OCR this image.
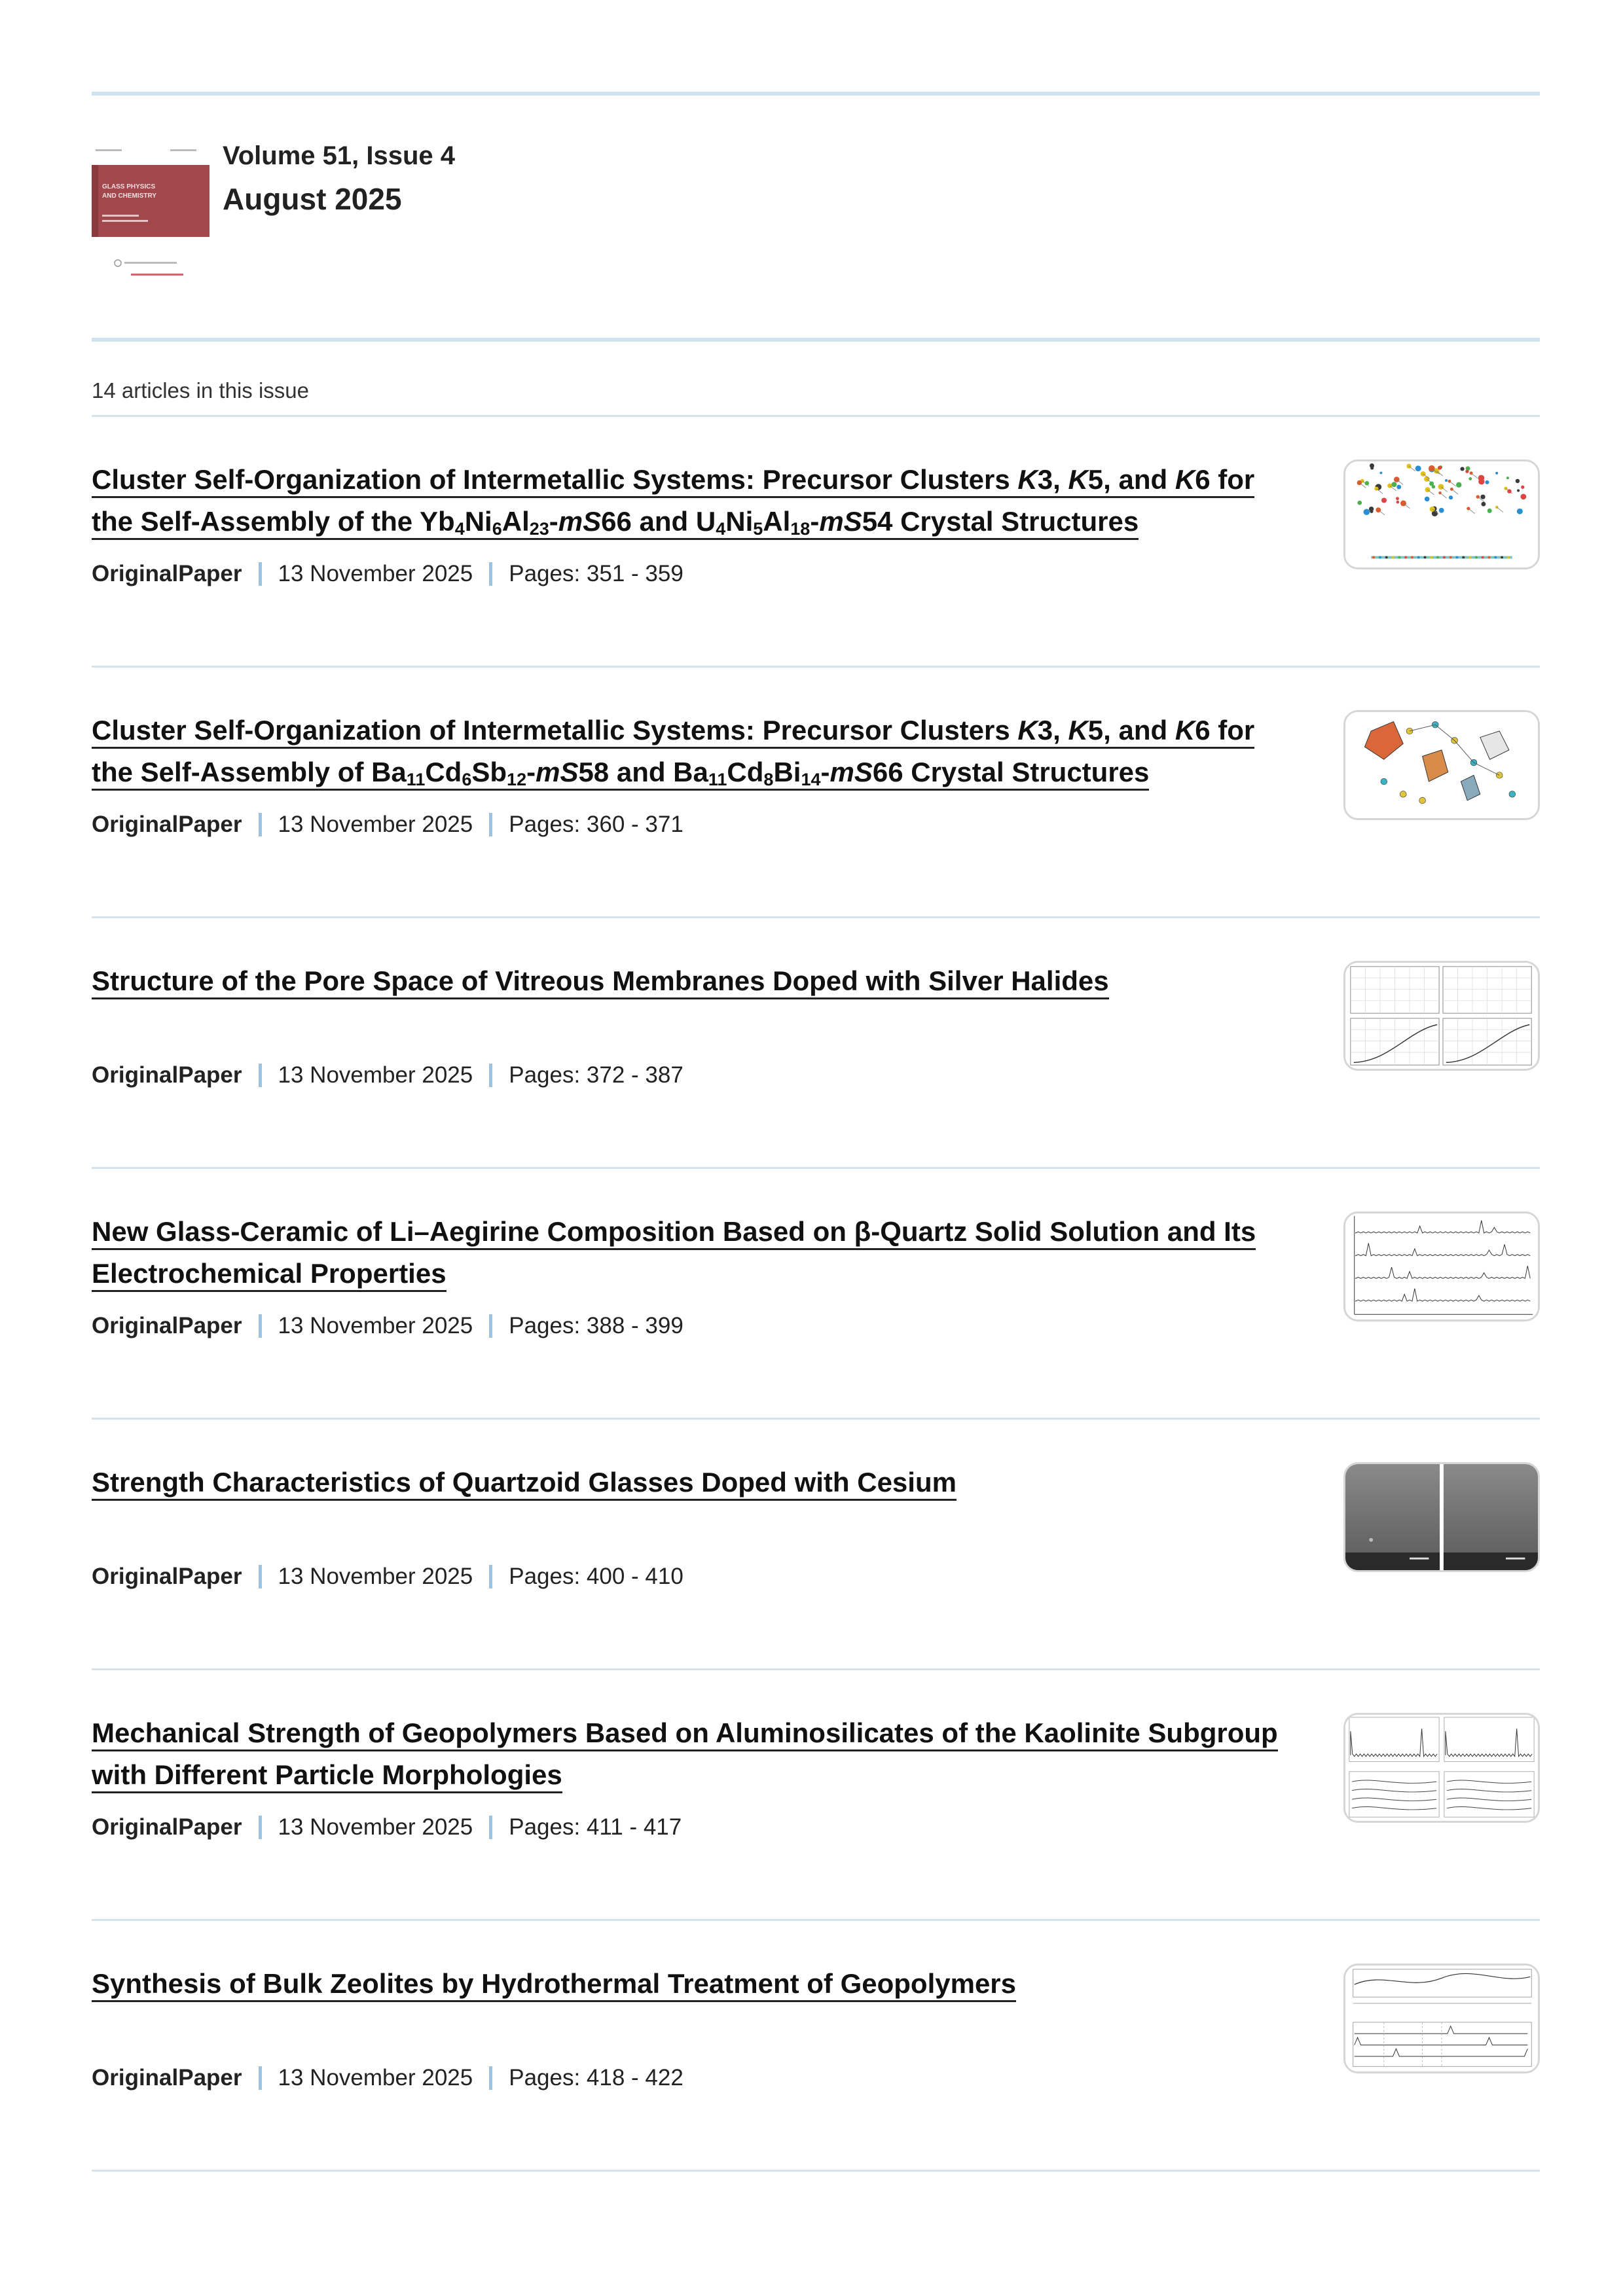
GLASS PHYSICS
AND CHEMISTRY
Volume 51, Issue 4
August 2025
14 articles in this issue
Cluster Self-Organization of Intermetallic Systems: Precursor Clusters K3, K5, and K6 for the Self-Assembly of the $Yb_4Ni_6Al_{23}-mS66$ and $U_4Ni_5Al_{18}-mS54$ Crystal Structures
OriginalPaper 13 November 2025 Pages: 351 - 359
Cluster Self-Organization of Intermetallic Systems: Precursor Clusters K3, K5, and K6 for the Self-Assembly of $Ba_{11}Cd_6Sb_{12}-mS58$ and $Ba_{11}Cd_8Bi_{14}-mS66$ Crystal Structures
OriginalPaper 13 November 2025 Pages: 360 - 371
Structure of the Pore Space of Vitreous Membranes Doped with Silver Halides
OriginalPaper 13 November 2025 Pages: 372 - 387
New Glass-Ceramic of Li–Aegirine Composition Based on β-Quartz Solid Solution and Its Electrochemical Properties
OriginalPaper 13 November 2025 Pages: 388 - 399
Strength Characteristics of Quartzoid Glasses Doped with Cesium
OriginalPaper 13 November 2025 Pages: 400 - 410
Mechanical Strength of Geopolymers Based on Aluminosilicates of the Kaolinite Subgroup with Different Particle Morphologies
OriginalPaper 13 November 2025 Pages: 411 - 417
Synthesis of Bulk Zeolites by Hydrothermal Treatment of Geopolymers
OriginalPaper 13 November 2025 Pages: 418 - 422
